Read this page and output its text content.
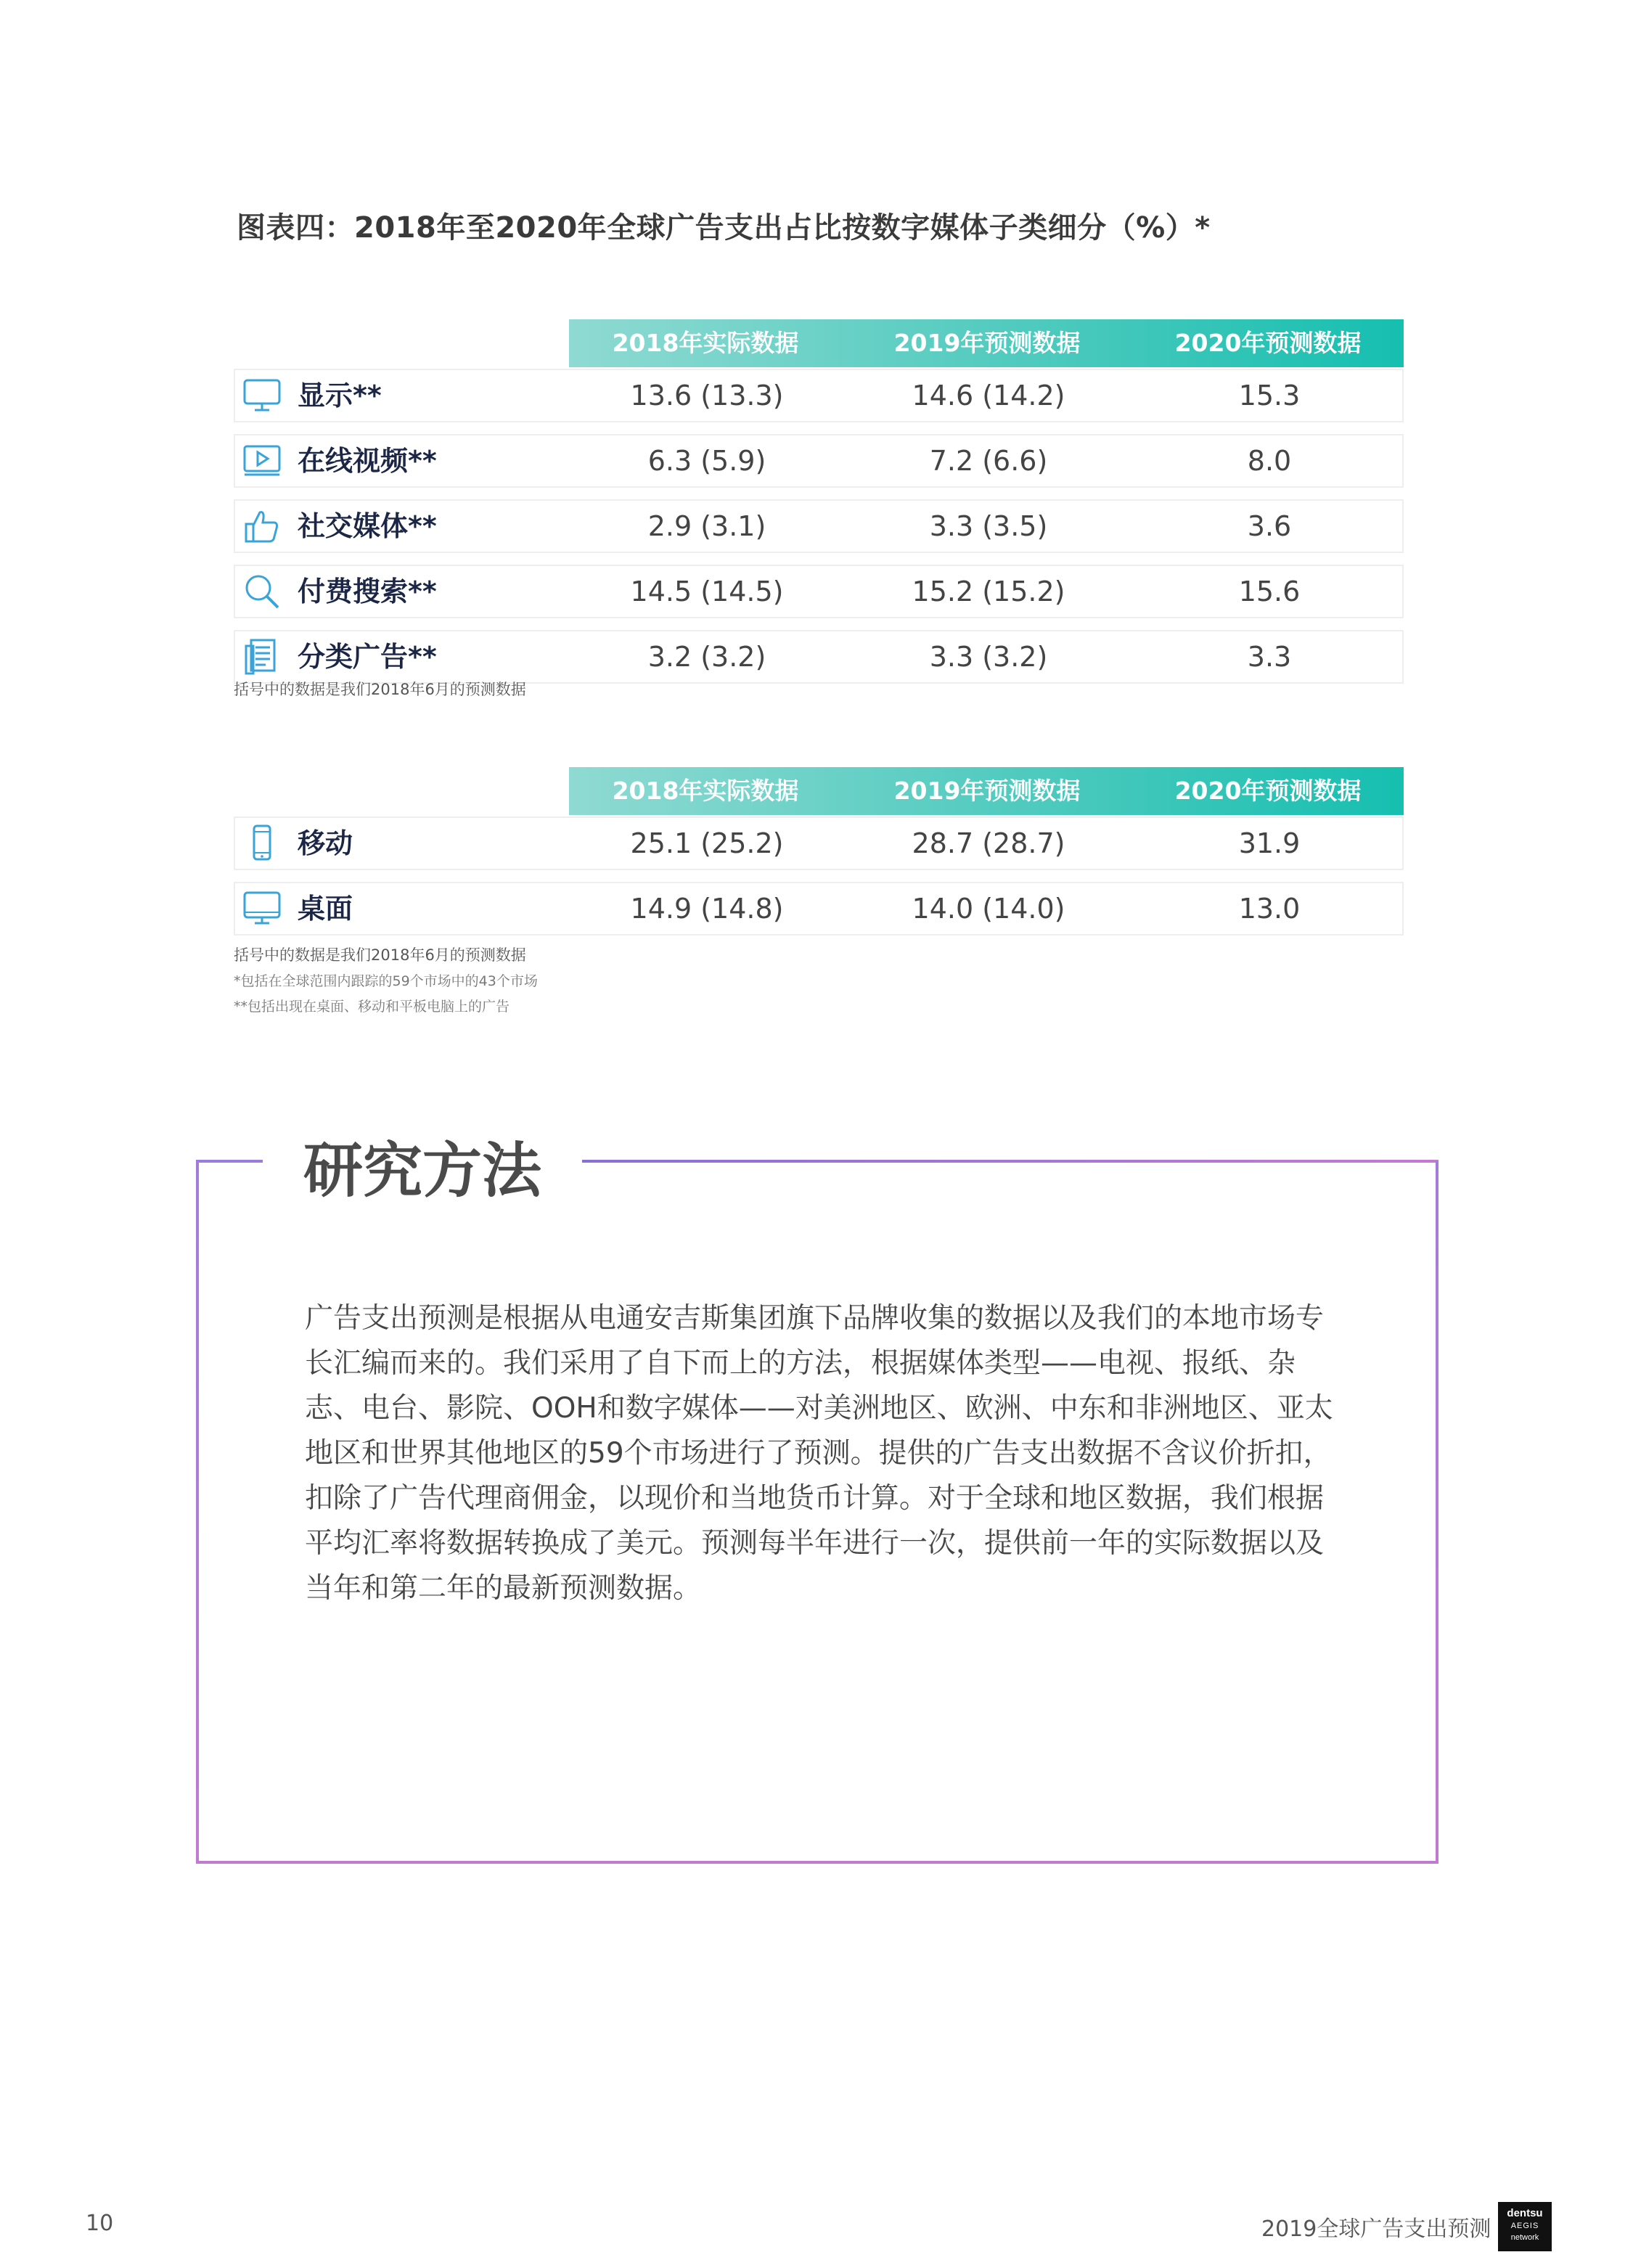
图表四：2018年至2020年全球广告支出占比按数字媒体子类细分（%）*
2018年实际数据	2019年预测数据	2020年预测数据
显示**	13.6 (13.3)	14.6 (14.2)	15.3
在线视频**	6.3 (5.9)	7.2 (6.6)	8.0
社交媒体**	2.9 (3.1)	3.3 (3.5)	3.6
付费搜索**	14.5 (14.5)	15.2 (15.2)	15.6
分类广告**	3.2 (3.2)	3.3 (3.2)	3.3
括号中的数据是我们2018年6月的预测数据
2018年实际数据	2019年预测数据	2020年预测数据
移动	25.1 (25.2)	28.7 (28.7)	31.9
桌面	14.9 (14.8)	14.0 (14.0)	13.0
括号中的数据是我们2018年6月的预测数据
*包括在全球范围内跟踪的59个市场中的43个市场
**包括出现在桌面、移动和平板电脑上的广告
研究方法
广告支出预测是根据从电通安吉斯集团旗下品牌收集的数据以及我们的本地市场专长汇编而来的。我们采用了自下而上的方法，根据媒体类型——电视、报纸、杂志、电台、影院、OOH和数字媒体——对美洲地区、欧洲、中东和非洲地区、亚太地区和世界其他地区的59个市场进行了预测。提供的广告支出数据不含议价折扣，扣除了广告代理商佣金，以现价和当地货币计算。对于全球和地区数据，我们根据平均汇率将数据转换成了美元。预测每半年进行一次，提供前一年的实际数据以及当年和第二年的最新预测数据。
10	2019全球广告支出预测
dentsu
AEGIS
network
